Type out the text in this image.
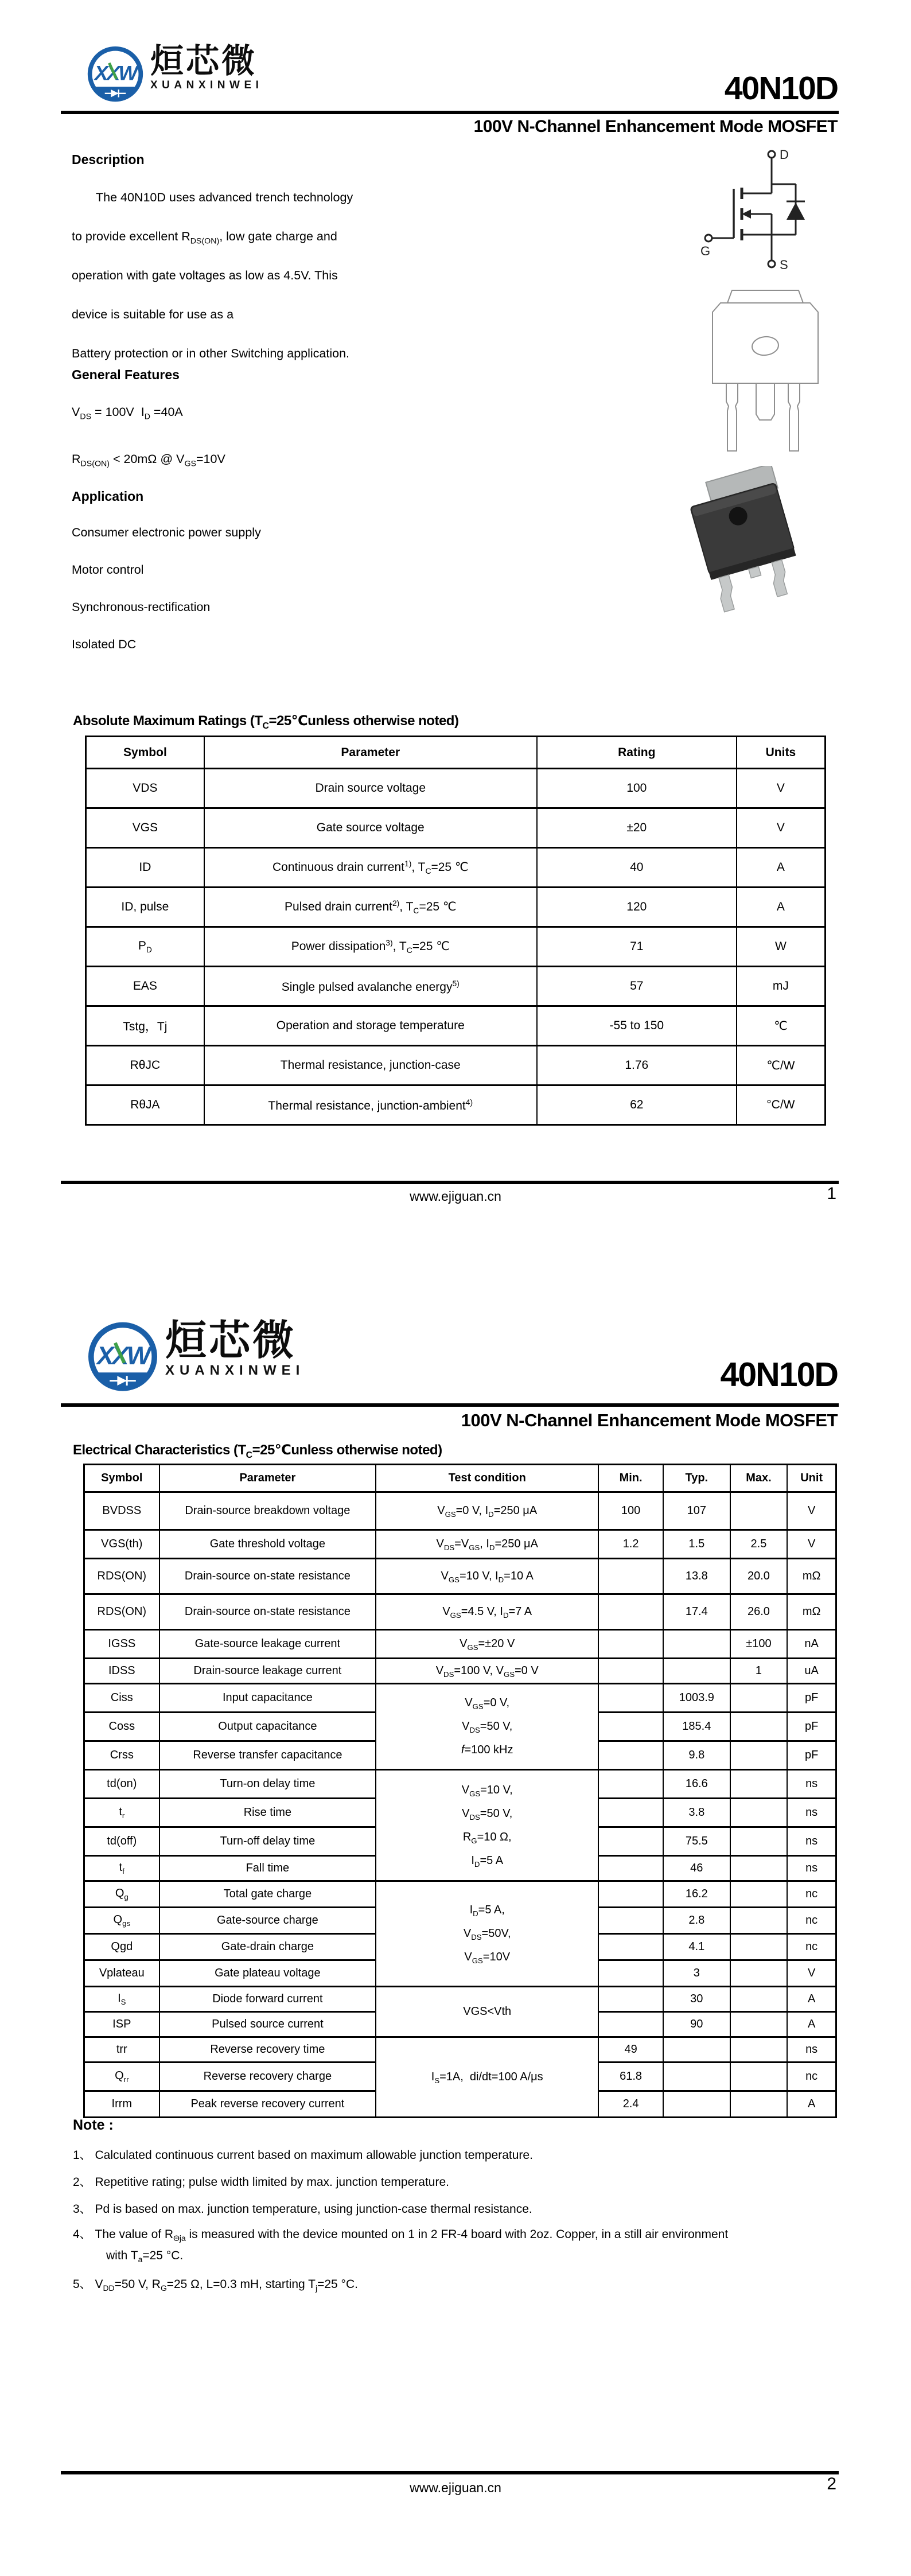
XXW 烜芯微
XUANXINWEI	40N10D
100V N-Channel Enhancement Mode MOSFET
Description
The 40N10D uses advanced trench technology
to provide excellent $R_{DS(ON)}$, low gate charge and
operation with gate voltages as low as 4.5V. This
device is suitable for use as a
Battery protection or in other Switching application.
General Features
$V_{DS} = 100V$  $I_D =40A$
$R_{DS(ON)} < 20m\Omega$ @ $V_{GS}=10V$
Application
Consumer electronic power supply
Motor control
Synchronous-rectification
Isolated DC
D
G
S
Absolute Maximum Ratings ($T_C=25℃unless$ otherwise noted)
Symbol	Parameter	Rating	Units
VDS	Drain source voltage	100	V
VGS	Gate source voltage	±20	V
ID	Continuous drain current$^{1)}$, $T_C=25$ ℃	40	A
ID, pulse	Pulsed drain current$^{2)}$, $T_C=25$ ℃	120	A
$P_D$	Power dissipation$^{3)}$, $T_C=25$ ℃	71	W
EAS	Single pulsed avalanche energy$^{5)}$	57	mJ
Tstg，Tj	Operation and storage temperature	-55 to 150	℃
RθJC	Thermal resistance, junction-case	1.76	℃/W
RθJA	Thermal resistance, junction-ambient$^{4)}$	62	°C/W
www.ejiguan.cn	1
XXW 烜芯微
XUANXINWEI	40N10D
100V N-Channel Enhancement Mode MOSFET
Electrical Characteristics ($T_C=25℃unless$ otherwise noted)
Symbol	Parameter	Test condition	Min.	Typ.	Max.	Unit
BVDSS	Drain-source breakdown voltage	$V_{GS}=0$ V, $I_D=250$ μA	100	107		V
VGS(th)	Gate threshold voltage	$V_{DS}=V_{GS}$, $I_D=250$ μA	1.2	1.5	2.5	V
RDS(ON)	Drain-source on-state resistance	$V_{GS}=10$ V, $I_D=10$ A		13.8	20.0	mΩ
RDS(ON)	Drain-source on-state resistance	$V_{GS}=4.5$ V, $I_D=7$ A		17.4	26.0	mΩ
IGSS	Gate-source leakage current	$V_{GS}=\pm 20$ V			±100	nA
IDSS	Drain-source leakage current	$V_{DS}=100$ V, $V_{GS}=0$ V			1	uA
Ciss	Input capacitance	$V_{GS}=0$ V,
$V_{DS}=50$ V,
f=100 kHz		1003.9		pF
Coss	Output capacitance			185.4		pF
Crss	Reverse transfer capacitance			9.8		pF
td(on)	Turn-on delay time	$V_{GS}=10$ V,
$V_{DS}=50$ V,
$R_G=10$ Ω,
$I_D=5$ A		16.6		ns
$t_r$	Rise time			3.8		ns
td(off)	Turn-off delay time			75.5		ns
$t_f$	Fall time			46		ns
$Q_g$	Total gate charge	$I_D=5$ A,
$V_{DS}=50V$,
$V_{GS}=10V$		16.2		nc
$Q_{gs}$	Gate-source charge			2.8		nc
Qgd	Gate-drain charge			4.1		nc
Vplateau	Gate plateau voltage			3		V
$I_S$	Diode forward current	VGS<Vth		30		A
ISP	Pulsed source current			90		A
trr	Reverse recovery time	$I_S=1A$,  di/dt=100 A/μs	49			ns
$Q_{rr}$	Reverse recovery charge		61.8			nc
Irrm	Peak reverse recovery current		2.4			A
Note :
1、 Calculated continuous current based on maximum allowable junction temperature.
2、 Repetitive rating; pulse width limited by max. junction temperature.
3、 Pd is based on max. junction temperature, using junction-case thermal resistance.
4、 The value of $R_{\Theta ja}$ is measured with the device mounted on 1 in 2 FR-4 board with 2oz. Copper, in a still air environment
with $T_a=25$ °C.
5、 $V_{DD}=50$ V, $R_G=25$ Ω, L=0.3 mH, starting $T_j=25$ °C.
www.ejiguan.cn	2
